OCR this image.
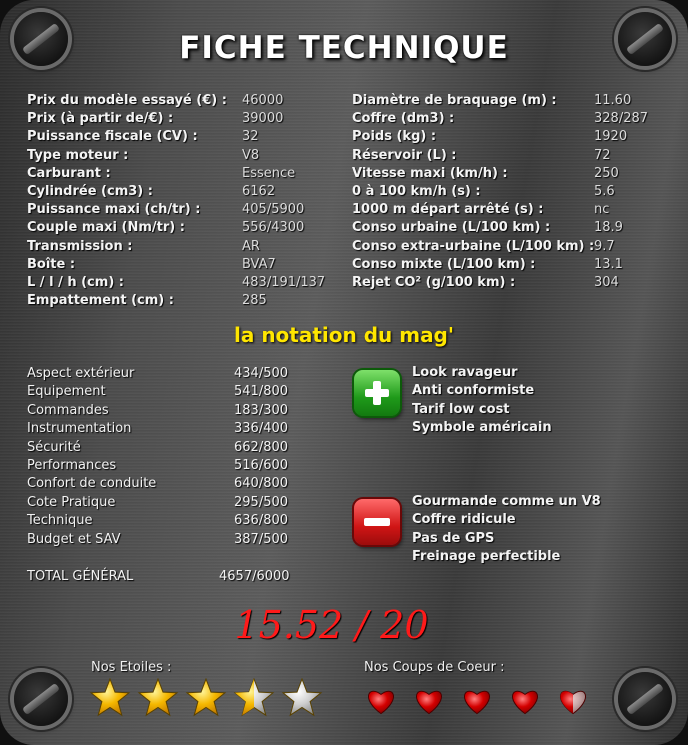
FICHE TECHNIQUE
Prix du modèle essayé (€) : 46000
Prix (à partir de/€) :	39000
Puissance fiscale (CV) :	32
Type moteur :	V8
Carburant :	Essence
Cylindrée (cm3) :	6162
Puissance maxi (ch/tr) :	405/5900
Couple maxi (Nm/tr) :	556/4300
Transmission :	AR
Boîte :	BVA7
L / l / h (cm) :	483/191/137
Empattement (cm) :	285
Diamètre de braquage (m) :	11.60
Coffre (dm3) :	328/287
Poids (kg) :	1920
Réservoir (L) :	72
Vitesse maxi (km/h) :	250
0 à 100 km/h (s) :	5.6
1000 m départ arrêté (s) :	nc
Conso urbaine (L/100 km) :	18.9
Conso extra-urbaine (L/100 km) : 9.7
Conso mixte (L/100 km) :	13.1
Rejet CO² (g/100 km) :	304
la notation du mag'
Aspect extérieur	434/500
Equipement	541/800
Commandes	183/300
Instrumentation	336/400
Sécurité	662/800
Performances	516/600
Confort de conduite	640/800
Cote Pratique	295/500
Technique	636/800
Budget et SAV	387/500
TOTAL GÉNÉRAL	4657/6000
Look ravageur
Anti conformiste
Tarif low cost
Symbole américain
Gourmande comme un V8
Coffre ridicule
Pas de GPS
Freinage perfectible
15.52 / 20
Nos Etoiles :	Nos Coups de Coeur :
